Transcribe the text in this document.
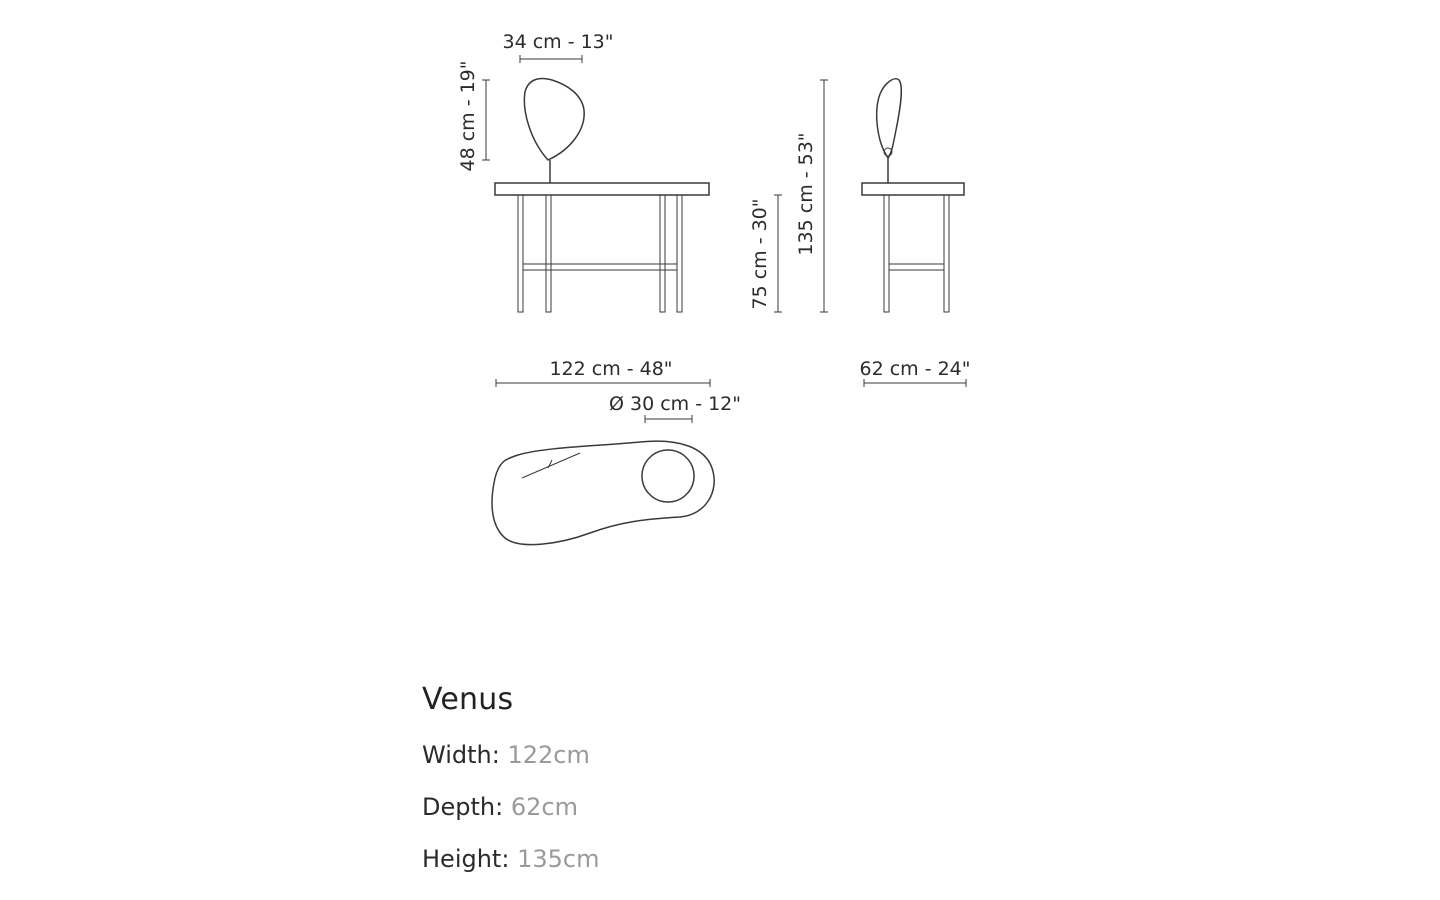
34 cm - 13"
48 cm - 19"
75 cm - 30" 135 cm - 53"
122 cm - 48"	62 cm - 24"
Ø 30 cm - 12"
Venus
Width: 122cm
Depth: 62cm
Height: 135cm
